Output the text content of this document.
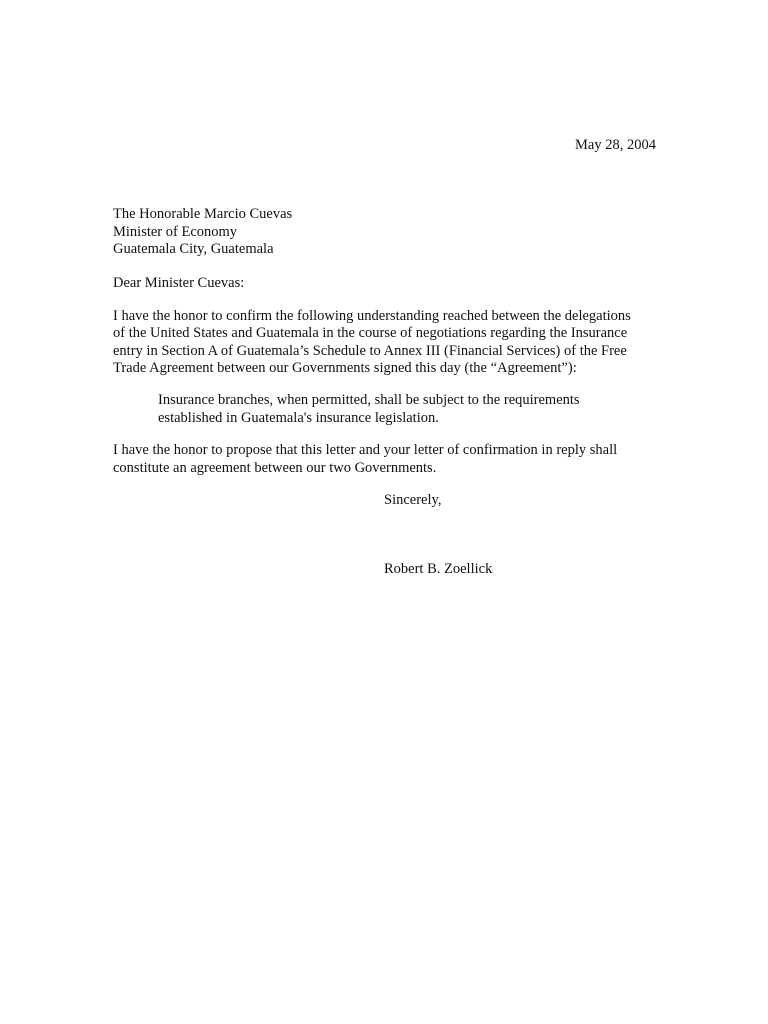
May 28, 2004
The Honorable Marcio Cuevas
Minister of Economy
Guatemala City, Guatemala
Dear Minister Cuevas:
I have the honor to confirm the following understanding reached between the delegations
of the United States and Guatemala in the course of negotiations regarding the Insurance
entry in Section A of Guatemala’s Schedule to Annex III (Financial Services) of the Free
Trade Agreement between our Governments signed this day (the “Agreement”):
Insurance branches, when permitted, shall be subject to the requirements
established in Guatemala's insurance legislation.
I have the honor to propose that this letter and your letter of confirmation in reply shall
constitute an agreement between our two Governments.
Sincerely,
Robert B. Zoellick
